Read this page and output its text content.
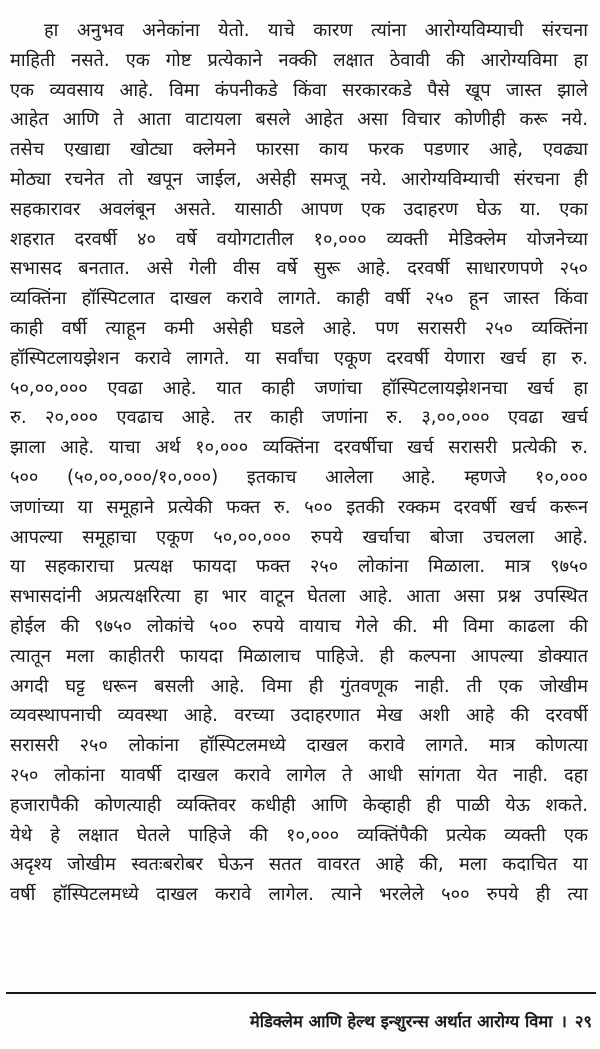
हा अनुभव अनेकांना येतो. याचे कारण त्यांना आरोग्यविम्याची संरचना
माहिती नसते. एक गोष्ट प्रत्येकाने नक्की लक्षात ठेवावी की आरोग्यविमा हा
एक व्यवसाय आहे. विमा कंपनीकडे किंवा सरकारकडे पैसे खूप जास्त झाले
आहेत आणि ते आता वाटायला बसले आहेत असा विचार कोणीही करू नये.
तसेच एखाद्या खोट्या क्लेमने फारसा काय फरक पडणार आहे, एवढ्या
मोठ्या रचनेत तो खपून जाईल, असेही समजू नये. आरोग्यविम्याची संरचना ही
सहकारावर अवलंबून असते. यासाठी आपण एक उदाहरण घेऊ या. एका
शहरात दरवर्षी ४० वर्षे वयोगटातील १०,००० व्यक्ती मेडिक्लेम योजनेच्या
सभासद बनतात. असे गेली वीस वर्षे सुरू आहे. दरवर्षी साधारणपणे २५०
व्यक्तिंना हॉस्पिटलात दाखल करावे लागते. काही वर्षी २५० हून जास्त किंवा
काही वर्षी त्याहून कमी असेही घडले आहे. पण सरासरी २५० व्यक्तिंना
हॉस्पिटलायझेशन करावे लागते. या सर्वांचा एकूण दरवर्षी येणारा खर्च हा रु.
५०,००,००० एवढा आहे. यात काही जणांचा हॉस्पिटलायझेशनचा खर्च हा
रु. २०,००० एवढाच आहे. तर काही जणांना रु. ३,००,००० एवढा खर्च
झाला आहे. याचा अर्थ १०,००० व्यक्तिंना दरवर्षीचा खर्च सरासरी प्रत्येकी रु.
५०० (५०,००,०००/१०,०००) इतकाच आलेला आहे. म्हणजे १०,०००
जणांच्या या समूहाने प्रत्येकी फक्त रु. ५०० इतकी रक्कम दरवर्षी खर्च करून
आपल्या समूहाचा एकूण ५०,००,००० रुपये खर्चाचा बोजा उचलला आहे.
या सहकाराचा प्रत्यक्ष फायदा फक्त २५० लोकांना मिळाला. मात्र ९७५०
सभासदांनी अप्रत्यक्षरित्या हा भार वाटून घेतला आहे. आता असा प्रश्न उपस्थित
होईल की ९७५० लोकांचे ५०० रुपये वायाच गेले की. मी विमा काढला की
त्यातून मला काहीतरी फायदा मिळालाच पाहिजे. ही कल्पना आपल्या डोक्यात
अगदी घट्ट धरून बसली आहे. विमा ही गुंतवणूक नाही. ती एक जोखीम
व्यवस्थापनाची व्यवस्था आहे. वरच्या उदाहरणात मेख अशी आहे की दरवर्षी
सरासरी २५० लोकांना हॉस्पिटलमध्ये दाखल करावे लागते. मात्र कोणत्या
२५० लोकांना यावर्षी दाखल करावे लागेल ते आधी सांगता येत नाही. दहा
हजारापैकी कोणत्याही व्यक्तिवर कधीही आणि केव्हाही ही पाळी येऊ शकते.
येथे हे लक्षात घेतले पाहिजे की १०,००० व्यक्तिंपैकी प्रत्येक व्यक्ती एक
अदृश्य जोखीम स्वतःबरोबर घेऊन सतत वावरत आहे की, मला कदाचित या
वर्षी हॉस्पिटलमध्ये दाखल करावे लागेल. त्याने भरलेले ५०० रुपये ही त्या

मेडिक्लेम आणि हेल्थ इन्शुरन्स अर्थात आरोग्य विमा । २९
